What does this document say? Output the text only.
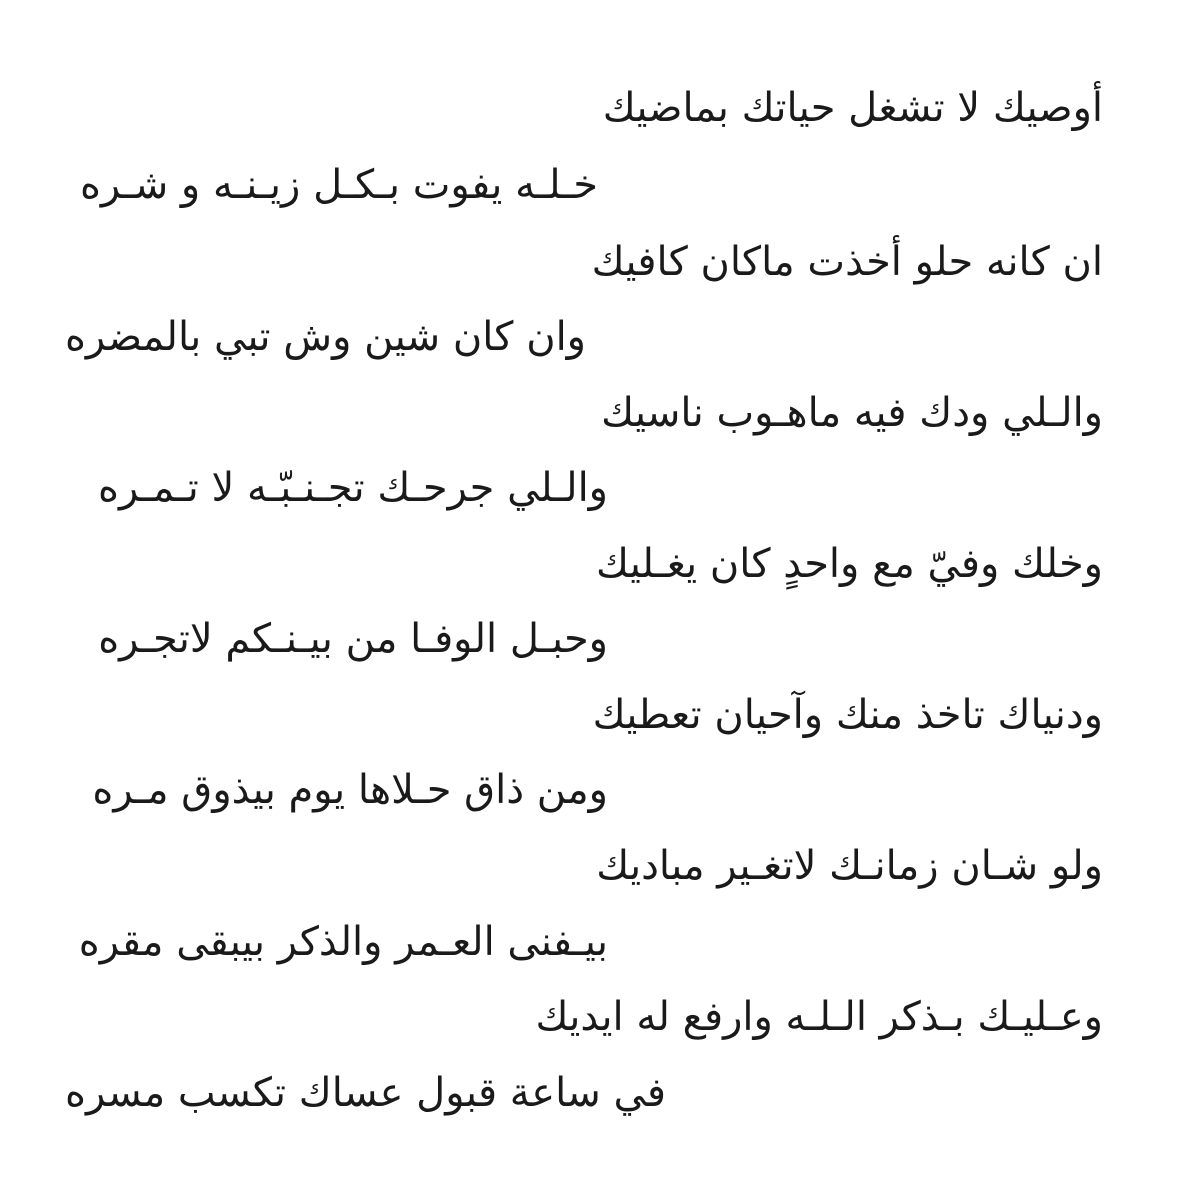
أوصيك لا تشغل حياتك بماضيك
خـلـه يفوت بـكـل زيـنـه و شـره
ان كانه حلو أخذت ماكان كافيك
وان كان شين وش تبي بالمضره
والـلي ودك فيه ماهـوب ناسيك
والـلي جرحـك تجـنـبّـه لا تـمـره
وخلك وفيّ مع واحدٍ كان يغـليك
وحبـل الوفـا من بيـنـكم لاتجـره
ودنياك تاخذ منك وآحيان تعطيك
ومن ذاق حـلاها يوم بيذوق مـره
ولو شـان زمانـك لاتغـير مباديك
بيـفنى العـمر والذكر بيبقى مقره
وعـليـك بـذكر الـلـه وارفع له ايديك
في ساعة قبول عساك تكسب مسره
